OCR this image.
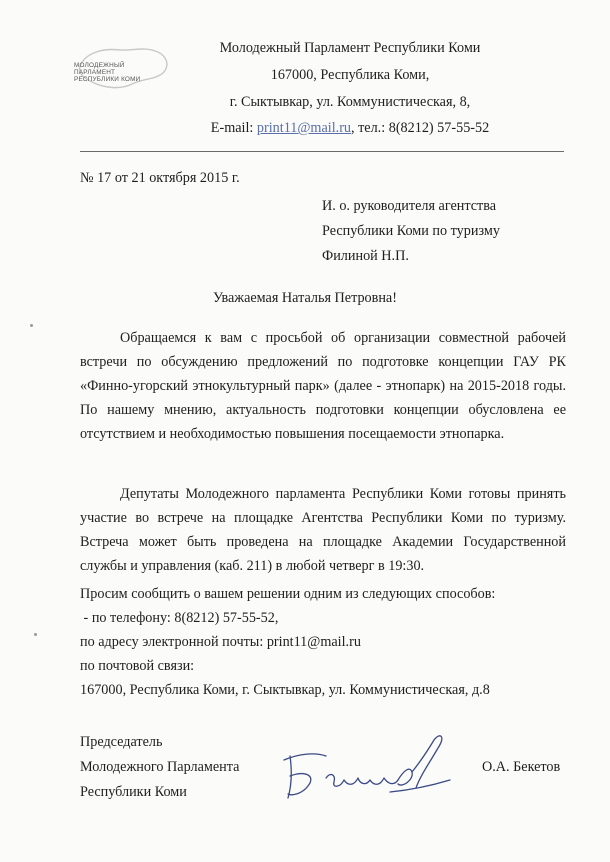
МОЛОДЕЖНЫЙ
ПАРЛАМЕНТ
РЕСПУБЛИКИ КОМИ
Молодежный Парламент Республики Коми
167000, Республика Коми,
г. Сыктывкар, ул. Коммунистическая, 8,
E-mail: print11@mail.ru, тел.: 8(8212) 57-55-52
№ 17 от 21 октября 2015 г.
И. о. руководителя агентства
Республики Коми по туризму
Филиной Н.П.
Уважаемая Наталья Петровна!

Обращаемся к вам с просьбой об организации совместной рабочей встречи по обсуждению предложений по подготовке концепции ГАУ РК «Финно-угорский этнокультурный парк» (далее - этнопарк) на 2015-2018 годы. По нашему мнению, актуальность подготовки концепции обусловлена ее отсутствием и необходимостью повышения посещаемости этнопарка.

Депутаты Молодежного парламента Республики Коми готовы принять участие во встрече на площадке Агентства Республики Коми по туризму. Встреча может быть проведена на площадке Академии Государственной службы и управления (каб. 211) в любой четверг в 19:30.

Просим сообщить о вашем решении одним из следующих способов:
- по телефону: 8(8212) 57-55-52,
по адресу электронной почты: print11@mail.ru
по почтовой связи:
167000, Республика Коми, г. Сыктывкар, ул. Коммунистическая, д.8
Председатель
Молодежного Парламента
Республики Коми
О.А. Бекетов
